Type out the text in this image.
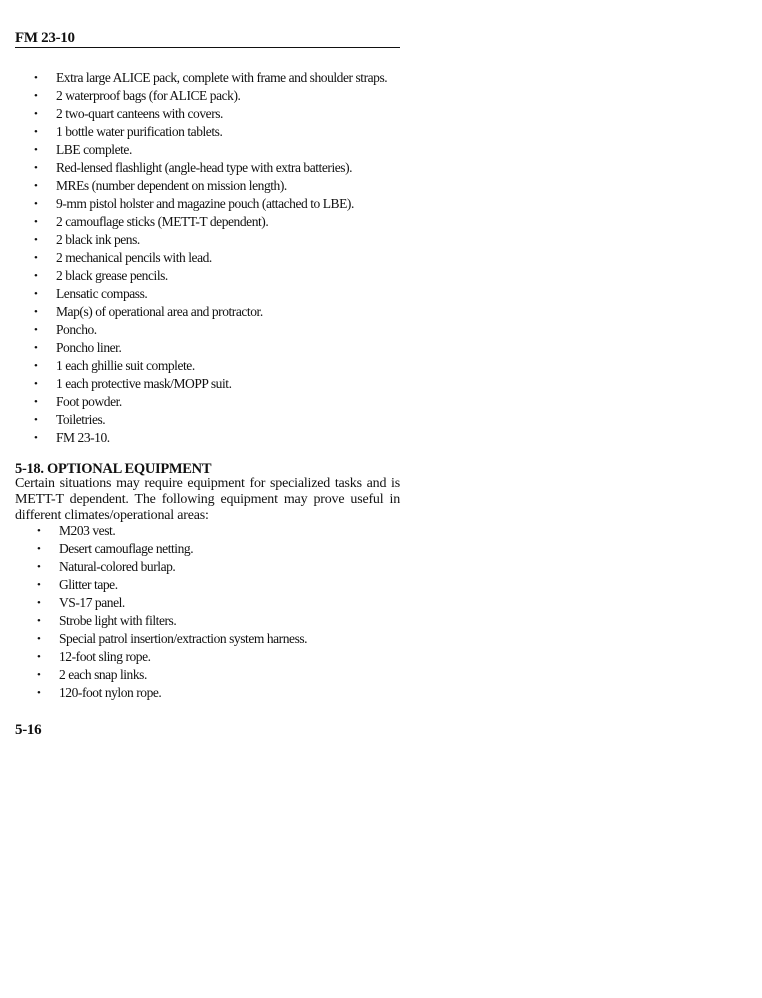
FM 23-10
• Extra large ALICE pack, complete with frame and shoulder straps.
• 2 waterproof bags (for ALICE pack).
• 2 two-quart canteens with covers.
• 1 bottle water purification tablets.
• LBE complete.
• Red-lensed flashlight (angle-head type with extra batteries).
• MREs (number dependent on mission length).
• 9-mm pistol holster and magazine pouch (attached to LBE).
• 2 camouflage sticks (METT-T dependent).
• 2 black ink pens.
• 2 mechanical pencils with lead.
• 2 black grease pencils.
• Lensatic compass.
• Map(s) of operational area and protractor.
• Poncho.
• Poncho liner.
• 1 each ghillie suit complete.
• 1 each protective mask/MOPP suit.
• Foot powder.
• Toiletries.
• FM 23-10.
5-18. OPTIONAL EQUIPMENT
Certain situations may require equipment for specialized tasks and is METT-T dependent. The following equipment may prove useful in different climates/operational areas:
• M203 vest.
• Desert camouflage netting.
• Natural-colored burlap.
• Glitter tape.
• VS-17 panel.
• Strobe light with filters.
• Special patrol insertion/extraction system harness.
• 12-foot sling rope.
• 2 each snap links.
• 120-foot nylon rope.
5-16
